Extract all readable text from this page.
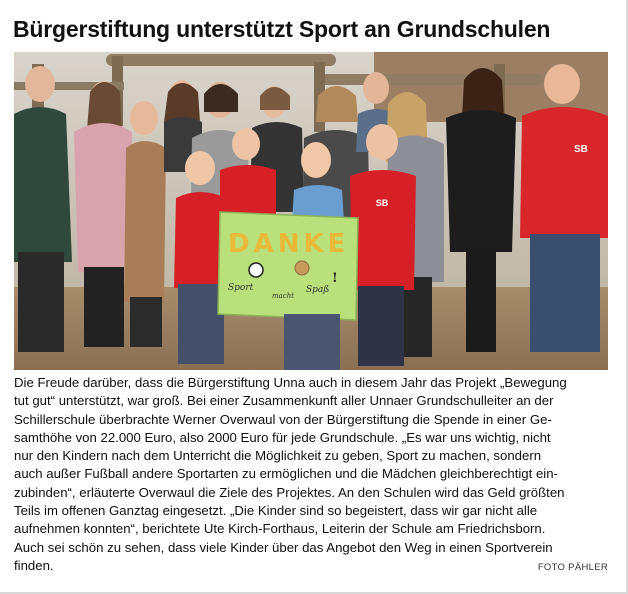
Bürgerstiftung unterstützt Sport an Grundschulen
SB
SB
DANKE
Sport
macht
Spaß
!

Die Freude darüber, dass die Bürgerstiftung Unna auch in diesem Jahr das Projekt „Bewegung
tut gut“ unterstützt, war groß. Bei einer Zusammenkunft aller Unnaer Grundschulleiter an der
Schillerschule überbrachte Werner Overwaul von der Bürgerstiftung die Spende in einer Ge-
samthöhe von 22.000 Euro, also 2000 Euro für jede Grundschule. „Es war uns wichtig, nicht
nur den Kindern nach dem Unterricht die Möglichkeit zu geben, Sport zu machen, sondern
auch außer Fußball andere Sportarten zu ermöglichen und die Mädchen gleichberechtigt ein-
zubinden“, erläuterte Overwaul die Ziele des Projektes. An den Schulen wird das Geld größten
Teils im offenen Ganztag eingesetzt. „Die Kinder sind so begeistert, dass wir gar nicht alle
aufnehmen konnten“, berichtete Ute Kirch-Forthaus, Leiterin der Schule am Friedrichsborn.
Auch sei schön zu sehen, dass viele Kinder über das Angebot den Weg in einen Sportverein
finden.	FOTO PÄHLER
